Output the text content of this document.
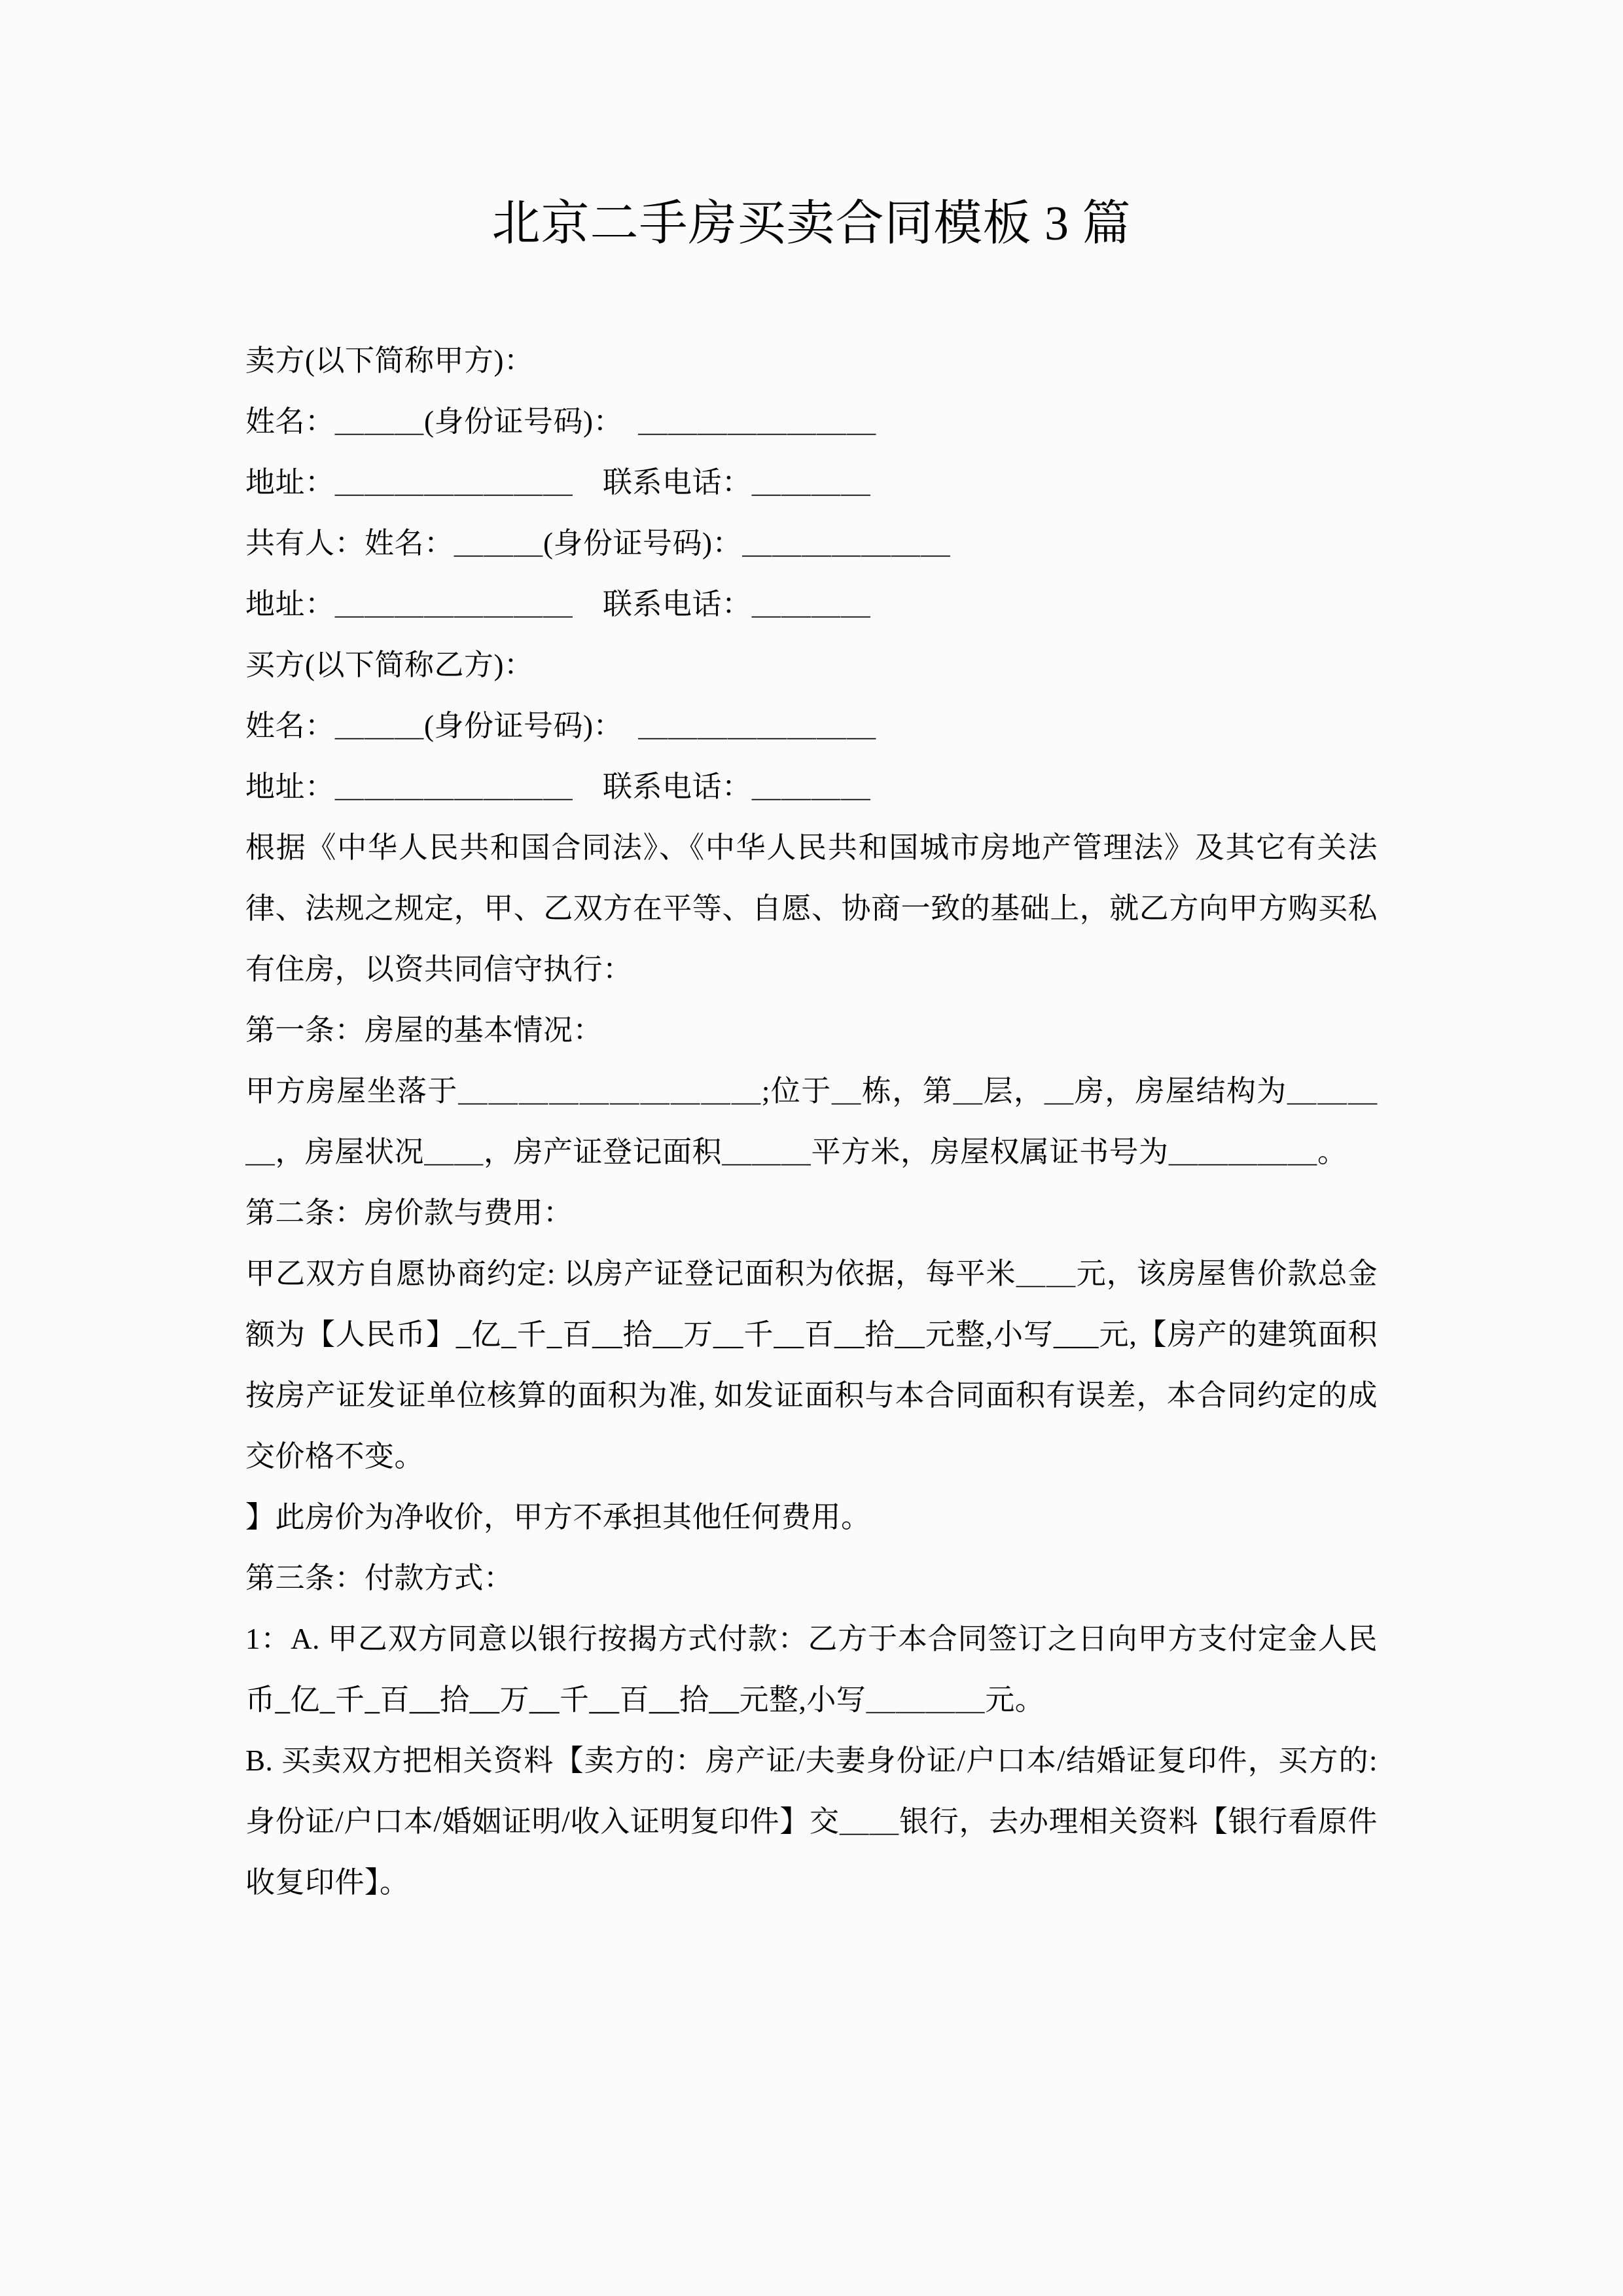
北京二手房买卖合同模板 3 篇

卖方(以下简称甲方)：

姓名：＿＿＿(身份证号码)：　＿＿＿＿＿＿＿＿

地址：＿＿＿＿＿＿＿＿　联系电话：＿＿＿＿

共有人：姓名：＿＿＿(身份证号码)：＿＿＿＿＿＿＿

地址：＿＿＿＿＿＿＿＿　联系电话：＿＿＿＿

买方(以下简称乙方)：

姓名：＿＿＿(身份证号码)：　＿＿＿＿＿＿＿＿

地址：＿＿＿＿＿＿＿＿　联系电话：＿＿＿＿

根据《中华人民共和国合同法》、《中华人民共和国城市房地产管理法》及其它有关法律、法规之规定，甲、乙双方在平等、自愿、协商一致的基础上，就乙方向甲方购买私有住房，以资共同信守执行：

第一条：房屋的基本情况：

甲方房屋坐落于＿＿＿＿＿＿＿＿＿＿;位于＿栋，第＿层，＿房，房屋结构为＿＿＿＿，房屋状况＿＿，房产证登记面积＿＿＿平方米，房屋权属证书号为＿＿＿＿＿。

第二条：房价款与费用：

甲乙双方自愿协商约定: 以房产证登记面积为依据，每平米＿＿元，该房屋售价款总金额为【人民币】_亿_千_百__拾__万__千__百__拾__元整,小写___元,【房产的建筑面积按房产证发证单位核算的面积为准, 如发证面积与本合同面积有误差，本合同约定的成交价格不变。

】此房价为净收价，甲方不承担其他任何费用。

第三条：付款方式：

1：A. 甲乙双方同意以银行按揭方式付款：乙方于本合同签订之日向甲方支付定金人民币_亿_千_百__拾__万__千__百__拾__元整,小写＿＿＿＿元。

B. 买卖双方把相关资料【卖方的：房产证/夫妻身份证/户口本/结婚证复印件，买方的: 身份证/户口本/婚姻证明/收入证明复印件】交＿＿银行，去办理相关资料【银行看原件收复印件】。
